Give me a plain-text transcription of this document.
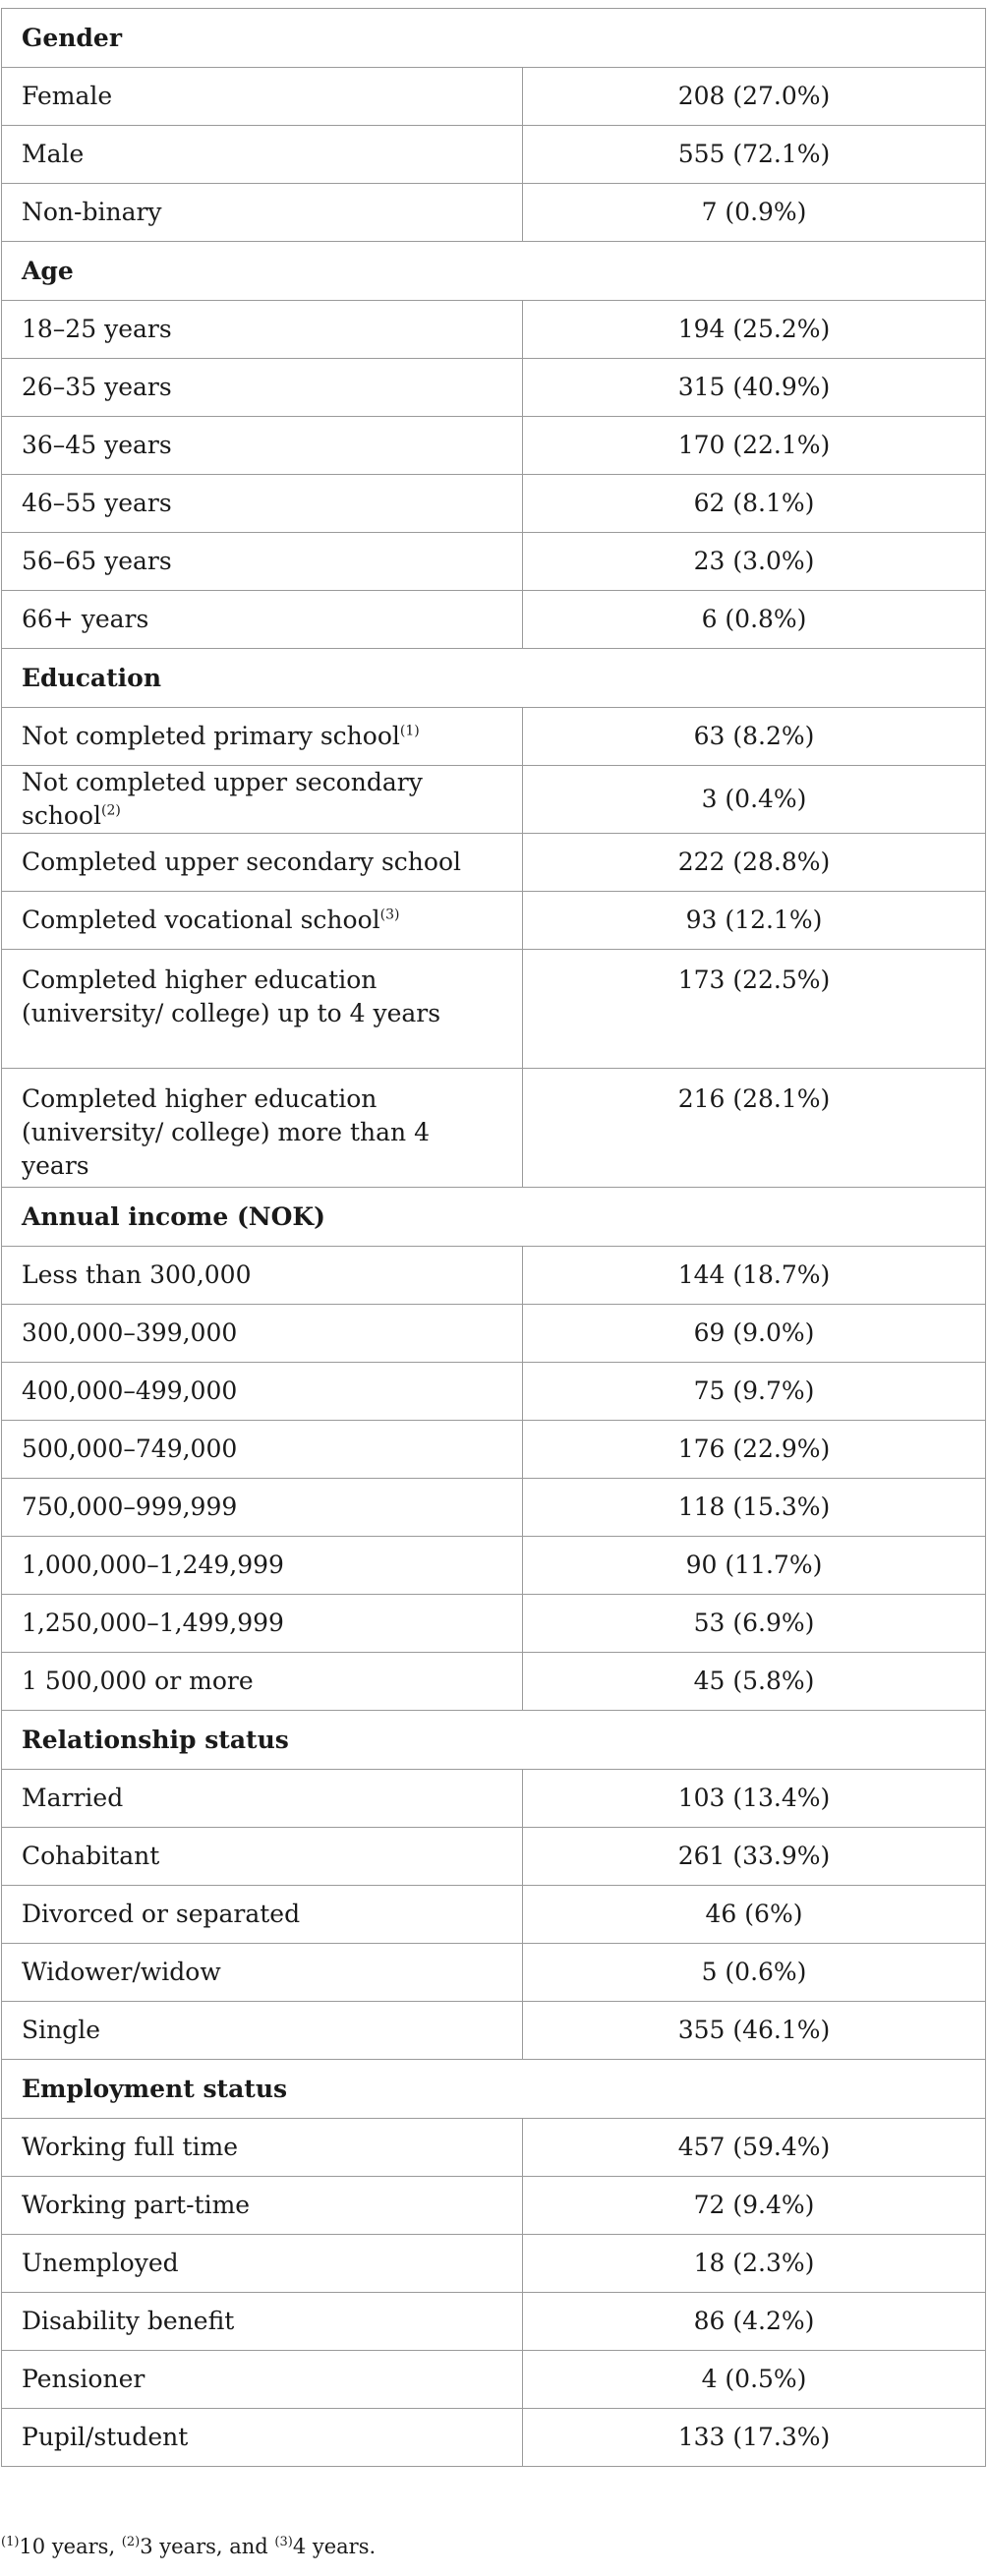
Gender	
Female	208 (27.0%)
Male	555 (72.1%)
Non-binary	7 (0.9%)
Age	
18–25 years	194 (25.2%)
26–35 years	315 (40.9%)
36–45 years	170 (22.1%)
46–55 years	62 (8.1%)
56–65 years	23 (3.0%)
66+ years	6 (0.8%)
Education	
Not completed primary school$^{(1)}$	63 (8.2%)
Not completed upper secondary school$^{(2)}$	3 (0.4%)
Completed upper secondary school	222 (28.8%)
Completed vocational school$^{(3)}$	93 (12.1%)
Completed higher education (university/ college) up to 4 years	173 (22.5%)
Completed higher education (university/ college) more than 4 years	216 (28.1%)
Annual income (NOK)	
Less than 300,000	144 (18.7%)
300,000–399,000	69 (9.0%)
400,000–499,000	75 (9.7%)
500,000–749,000	176 (22.9%)
750,000–999,999	118 (15.3%)
1,000,000–1,249,999	90 (11.7%)
1,250,000–1,499,999	53 (6.9%)
1 500,000 or more	45 (5.8%)
Relationship status	
Married	103 (13.4%)
Cohabitant	261 (33.9%)
Divorced or separated	46 (6%)
Widower/widow	5 (0.6%)
Single	355 (46.1%)
Employment status	
Working full time	457 (59.4%)
Working part-time	72 (9.4%)
Unemployed	18 (2.3%)
Disability benefit	86 (4.2%)
Pensioner	4 (0.5%)
Pupil/student	133 (17.3%)
$^{(1)}$10 years, $^{(2)}$3 years, and $^{(3)}$4 years.
